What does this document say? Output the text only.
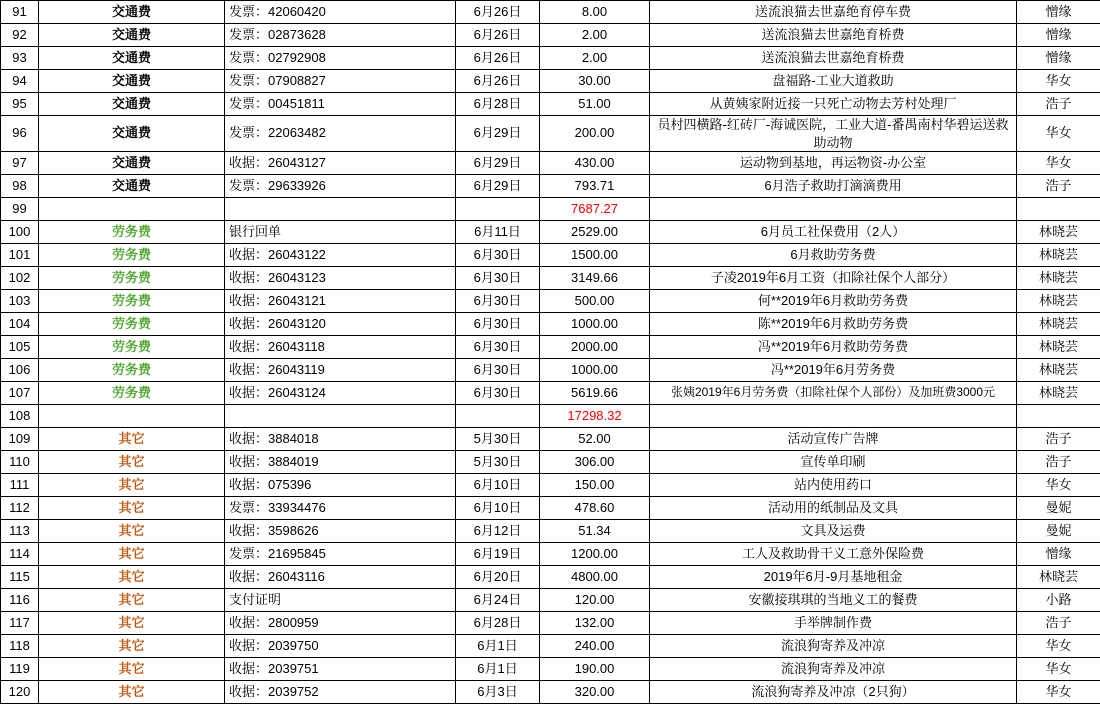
91	交通费	发票：42060420	6月26日	8.00	送流浪猫去世嘉绝育停车费	憎缘
92	交通费	发票：02873628	6月26日	2.00	送流浪猫去世嘉绝育桥费	憎缘
93	交通费	发票：02792908	6月26日	2.00	送流浪猫去世嘉绝育桥费	憎缘
94	交通费	发票：07908827	6月26日	30.00	盘福路-工业大道救助	华女
95	交通费	发票：00451811	6月28日	51.00	从黄姨家附近接一只死亡动物去芳村处理厂	浩子
96	交通费	发票：22063482	6月29日	200.00	员村四横路-红砖厂-海诚医院，工业大道-番禺南村华碧运送救助动物	华女
97	交通费	收据：26043127	6月29日	430.00	运动物到基地，再运物资-办公室	华女
98	交通费	发票：29633926	6月29日	793.71	6月浩子救助打滴滴费用	浩子
99				7687.27		
100	劳务费	银行回单	6月11日	2529.00	6月员工社保费用（2人）	林晓芸
101	劳务费	收据：26043122	6月30日	1500.00	6月救助劳务费	林晓芸
102	劳务费	收据：26043123	6月30日	3149.66	子凌2019年6月工资（扣除社保个人部分）	林晓芸
103	劳务费	收据：26043121	6月30日	500.00	何**2019年6月救助劳务费	林晓芸
104	劳务费	收据：26043120	6月30日	1000.00	陈**2019年6月救助劳务费	林晓芸
105	劳务费	收据：26043118	6月30日	2000.00	冯**2019年6月救助劳务费	林晓芸
106	劳务费	收据：26043119	6月30日	1000.00	冯**2019年6月劳务费	林晓芸
107	劳务费	收据：26043124	6月30日	5619.66	张姨2019年6月劳务费（扣除社保个人部份）及加班费3000元	林晓芸
108				17298.32		
109	其它	收据：3884018	5月30日	52.00	活动宣传广告牌	浩子
110	其它	收据：3884019	5月30日	306.00	宣传单印刷	浩子
111	其它	收据：075396	6月10日	150.00	站内使用药口	华女
112	其它	发票：33934476	6月10日	478.60	活动用的纸制品及文具	曼妮
113	其它	收据：3598626	6月12日	51.34	文具及运费	曼妮
114	其它	发票：21695845	6月19日	1200.00	工人及救助骨干义工意外保险费	憎缘
115	其它	收据：26043116	6月20日	4800.00	2019年6月-9月基地租金	林晓芸
116	其它	支付证明	6月24日	120.00	安徽接琪琪的当地义工的餐费	小路
117	其它	收据：2800959	6月28日	132.00	手举牌制作费	浩子
118	其它	收据：2039750	6月1日	240.00	流浪狗寄养及冲凉	华女
119	其它	收据：2039751	6月1日	190.00	流浪狗寄养及冲凉	华女
120	其它	收据：2039752	6月3日	320.00	流浪狗寄养及冲凉（2只狗）	华女
